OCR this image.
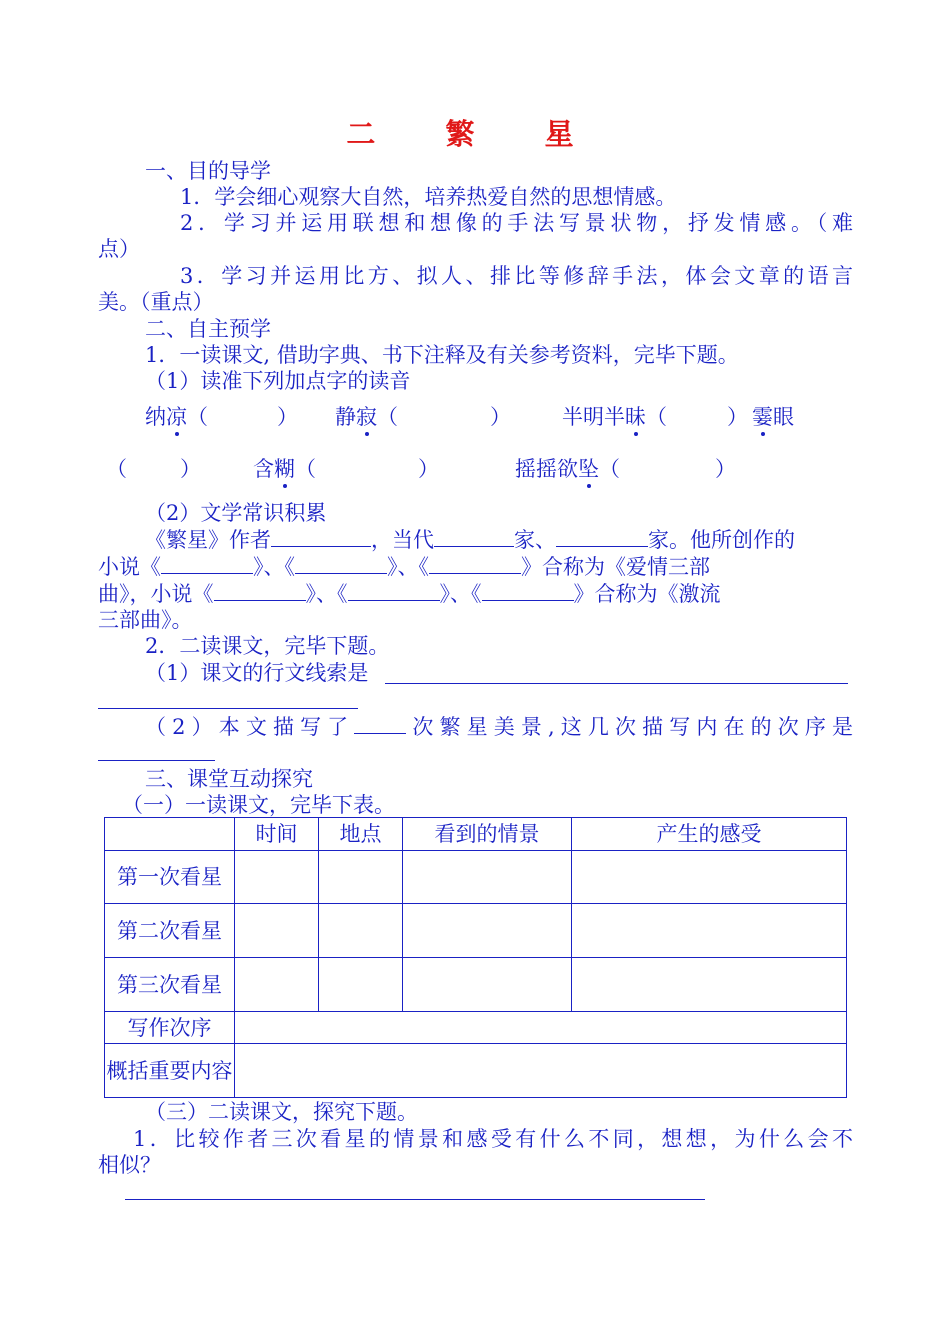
二 繁 星
一、目的导学
1．学会细心观察大自然，培养热爱自然的思想情感。
2．学习并运用联想和想像的手法写景状物，抒发情感。（难
点）
3．学习并运用比方、拟人、排比等修辞手法，体会文章的语言
美。（重点）
二、自主预学
1．一读课文, 借助字典、书下注释及有关参考资料，完毕下题。
（1）读准下列加点字的读音
纳凉（	） 静寂（	） 半明半昧（	） 霎眼
（	） 含糊（	）	摇摇欲坠（	）
（2）文学常识积累
《繁星》作者	，当代	家、	家。他所创作的
小说《	》、《	》、《	》合称为《爱情三部
曲》，小说《	》、《	》、《	》合称为《激流
三部曲》。
2．二读课文，完毕下题。
（1）课文的行文线索是
（2）本文描写了 次繁星美景,这几次描写内在的次序是
三、课堂互动探究
（一）一读课文，完毕下表。
	时间	地点	看到的情景	产生的感受
第一次看星				
第二次看星				
第三次看星				
写作次序				
概括重要内容				
（三）二读课文，探究下题。
1．比较作者三次看星的情景和感受有什么不同，想想，为什么会不
相似？
